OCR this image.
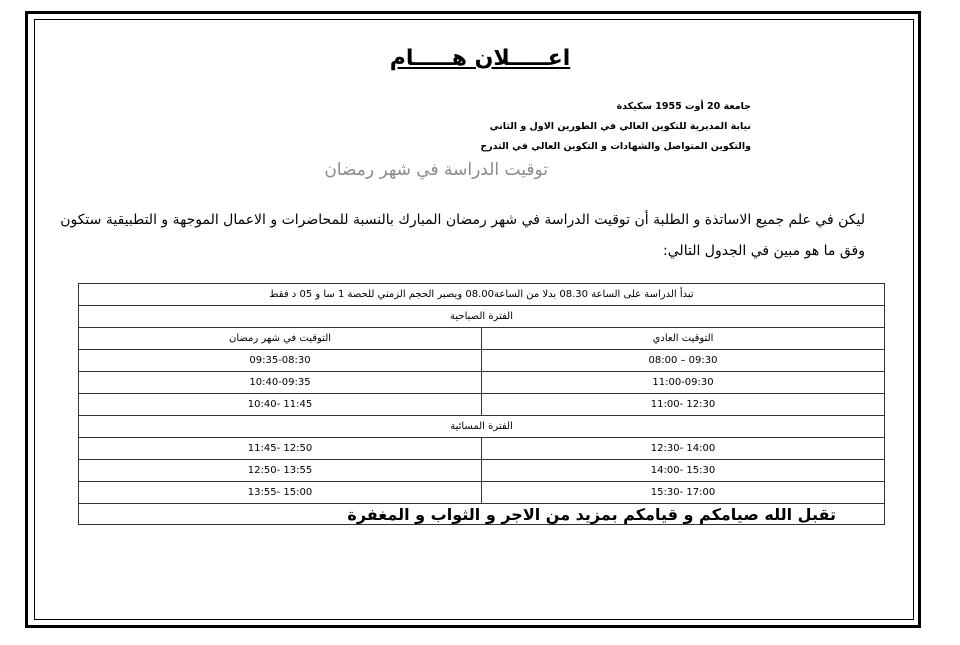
اعـــــلان هـــــام
جامعة 20 أوت 1955 سكيكدة
نيابة المديرية للتكوين العالي في الطورين الاول و الثاني
والتكوين المتواصل والشهادات و التكوين العالي في التدرج
توقيت الدراسة في شهر رمضان
ليكن في علم جميع الاساتذة و الطلبة أن توقيت الدراسة في شهر رمضان المبارك بالنسبة للمحاضرات و الاعمال الموجهة و التطبيقية ستكون
وفق ما هو مبين في الجدول التالي:
تبدأ الدراسة على الساعة 08.30 بدلا من الساعة08.00 ويصبر الحجم الزمني للحصة 1 سا و 05 د فقط	
الفترة الصباحية	
التوقيت العادي	التوقيت في شهر رمضان
09:30 – 08:00	09:35-08:30
11:00-09:30	10:40-09:35
12:30 -11:00	11:45 -10:40
الفترة المسائية	
14:00 -12:30	12:50 -11:45
15:30 -14:00	13:55 -12:50
17:00 -15:30	15:00 -13:55
تقبل الله صيامكم و قيامكم بمزيد من الاجر و الثواب و المغفرة	
